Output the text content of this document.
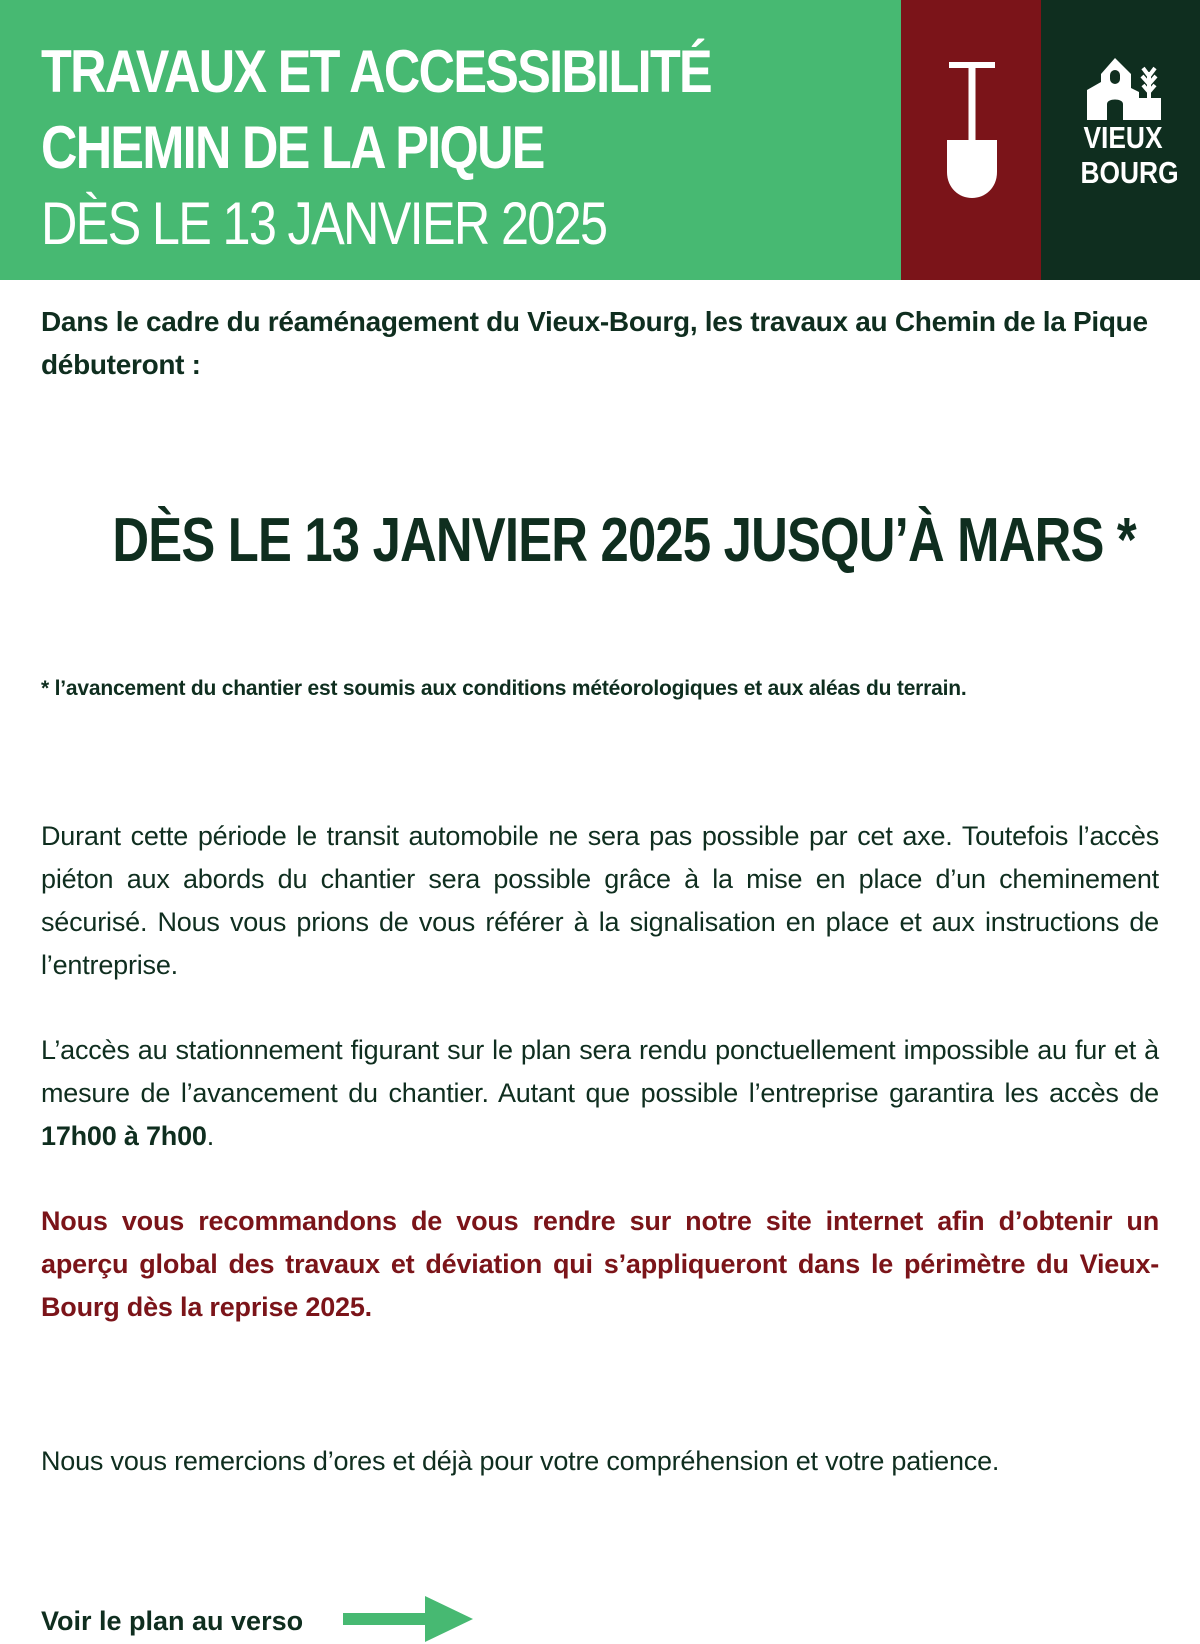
TRAVAUX ET ACCESSIBILITÉ
CHEMIN DE LA PIQUE
DÈS LE 13 JANVIER 2025
VIEUX
BOURG
Dans le cadre du réaménagement du Vieux-Bourg, les travaux au Chemin de la Pique débuteront :
DÈS LE 13 JANVIER 2025 JUSQU’À MARS *
* l’avancement du chantier est soumis aux conditions météorologiques et aux aléas du terrain.
Durant cette période le transit automobile ne sera pas possible par cet axe. Toutefois l’accès piéton aux abords du chantier sera possible grâce à la mise en place d’un cheminement sécurisé. Nous vous prions de vous référer à la signalisation en place et aux instructions de l’entreprise.
L’accès au stationnement figurant sur le plan sera rendu ponctuellement impossible au fur et à mesure de l’avancement du chantier. Autant que possible l’entreprise garantira les accès de 17h00 à 7h00.
Nous vous recommandons de vous rendre sur notre site internet afin d’obtenir un aperçu global des travaux et déviation qui s’appliqueront dans le périmètre du Vieux-Bourg dès la reprise 2025.
Nous vous remercions d’ores et déjà pour votre compréhension et votre patience.
Voir le plan au verso
